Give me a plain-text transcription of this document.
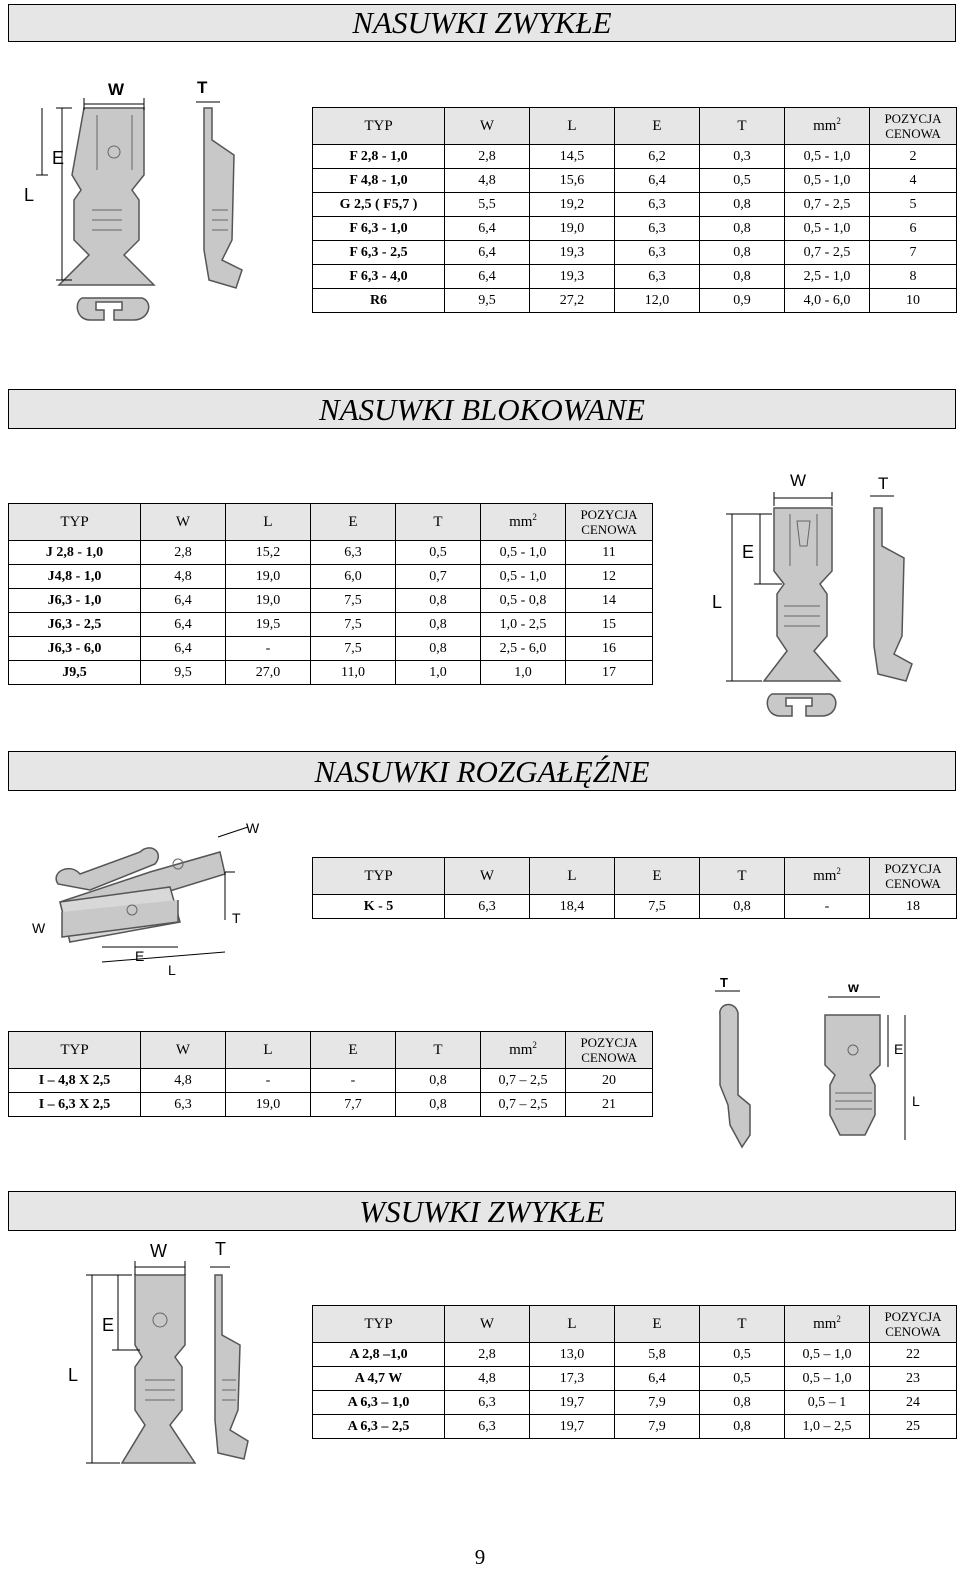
NASUWKI ZWYKŁE
W	T
E
L
TYP	W	L	E	T	$mm^2$	POZYCJA
CENOWA
F 2,8 - 1,0	2,8	14,5	6,2	0,3	0,5 - 1,0	2
F 4,8 - 1,0	4,8	15,6	6,4	0,5	0,5 - 1,0	4
G 2,5 ( F5,7 )	5,5	19,2	6,3	0,8	0,7 - 2,5	5
F 6,3 - 1,0	6,4	19,0	6,3	0,8	0,5 - 1,0	6
F 6,3 - 2,5	6,4	19,3	6,3	0,8	0,7 - 2,5	7
F 6,3 - 4,0	6,4	19,3	6,3	0,8	2,5 - 1,0	8
R6	9,5	27,2	12,0	0,9	4,0 - 6,0	10
NASUWKI BLOKOWANE
TYP	W	L	E	T	$mm^2$	POZYCJA
CENOWA
J 2,8 - 1,0	2,8	15,2	6,3	0,5	0,5 - 1,0	11
J4,8 - 1,0	4,8	19,0	6,0	0,7	0,5 - 1,0	12
J6,3 - 1,0	6,4	19,0	7,5	0,8	0,5 - 0,8	14
J6,3 - 2,5	6,4	19,5	7,5	0,8	1,0 - 2,5	15
J6,3 - 6,0	6,4	-	7,5	0,8	2,5 - 6,0	16
J9,5	9,5	27,0	11,0	1,0	1,0	17
W	T
E
L
NASUWKI ROZGAŁĘŹNE
W
W
T
E
L
TYP	W	L	E	T	$mm^2$	POZYCJA
CENOWA
K - 5	6,3	18,4	7,5	0,8	-	18
TYP	W	L	E	T	$mm^2$	POZYCJA
CENOWA
I – 4,8 X 2,5	4,8	-	-	0,8	0,7 – 2,5	20
I – 6,3 X 2,5	6,3	19,0	7,7	0,8	0,7 – 2,5	21
T	w
E
L
WSUWKI ZWYKŁE
W	T
E
L
TYP	W	L	E	T	$mm^2$	POZYCJA
CENOWA
A 2,8 –1,0	2,8	13,0	5,8	0,5	0,5 – 1,0	22
A 4,7 W	4,8	17,3	6,4	0,5	0,5 – 1,0	23
A 6,3 – 1,0	6,3	19,7	7,9	0,8	0,5 – 1	24
A 6,3 – 2,5	6,3	19,7	7,9	0,8	1,0 – 2,5	25
9
